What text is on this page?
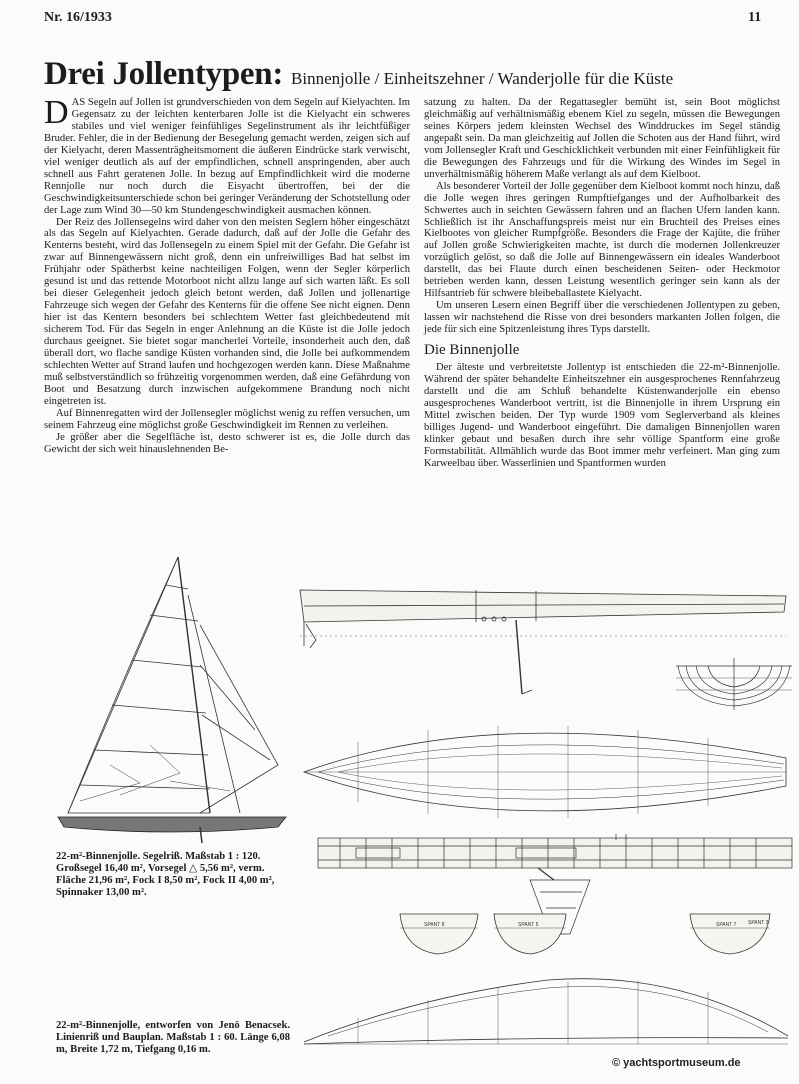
Nr. 16/1933	11
Drei Jollentypen: Binnenjolle / Einheitszehner / Wanderjolle für die Küste

DAS Segeln auf Jollen ist grundverschieden von dem Segeln auf Kielyachten. Im Gegensatz zu der leichten kenterbaren Jolle ist die Kielyacht ein schweres stabiles und viel weniger feinfühliges Segelinstrument als ihr leichtfüßiger Bruder. Fehler, die in der Bedienung der Besegelung gemacht werden, zeigen sich auf der Kielyacht, deren Massenträgheitsmoment die äußeren Eindrücke stark verwischt, viel weniger deutlich als auf der empfindlichen, schnell anspringenden, aber auch schnell aus Fahrt geratenen Jolle. In bezug auf Empfindlichkeit wird die moderne Rennjolle nur noch durch die Eisyacht übertroffen, bei der die Geschwindigkeitsunterschiede schon bei geringer Veränderung der Schotstellung oder der Lage zum Wind 30—50 km Stundengeschwindigkeit ausmachen können.

Der Reiz des Jollensegelns wird daher von den meisten Seglern höher eingeschätzt als das Segeln auf Kielyachten. Gerade dadurch, daß auf der Jolle die Gefahr des Kenterns besteht, wird das Jollensegeln zu einem Spiel mit der Gefahr. Die Gefahr ist zwar auf Binnengewässern nicht groß, denn ein unfreiwilliges Bad hat selbst im Frühjahr oder Spätherbst keine nachteiligen Folgen, wenn der Segler körperlich gesund ist und das rettende Motorboot nicht allzu lange auf sich warten läßt. Es soll bei dieser Gelegenheit jedoch gleich betont werden, daß Jollen und jollenartige Fahrzeuge sich wegen der Gefahr des Kenterns für die offene See nicht eignen. Denn hier ist das Kentern besonders bei schlechtem Wetter fast gleichbedeutend mit sicherem Tod. Für das Segeln in enger Anlehnung an die Küste ist die Jolle jedoch durchaus geeignet. Sie bietet sogar mancherlei Vorteile, insonderheit auch den, daß überall dort, wo flache sandige Küsten vorhanden sind, die Jolle bei aufkommendem schlechten Wetter auf Strand laufen und hochgezogen werden kann. Diese Maßnahme muß selbstverständlich so frühzeitig vorgenommen werden, daß eine Gefährdung von Boot und Besatzung durch inzwischen aufgekommene Brandung noch nicht eingetreten ist.

Auf Binnenregatten wird der Jollensegler möglichst wenig zu reffen versuchen, um seinem Fahrzeug eine möglichst große Geschwindigkeit im Rennen zu verleihen.

Je größer aber die Segelfläche ist, desto schwerer ist es, die Jolle durch das Gewicht der sich weit hinauslehnenden Be-

satzung zu halten. Da der Regattasegler bemüht ist, sein Boot möglichst gleichmäßig auf verhältnismäßig ebenem Kiel zu segeln, müssen die Bewegungen seines Körpers jedem kleinsten Wechsel des Winddruckes im Segel ständig angepaßt sein. Da man gleichzeitig auf Jollen die Schoten aus der Hand führt, wird vom Jollensegler Kraft und Geschicklichkeit verbunden mit einer Feinfühligkeit für die Bewegungen des Fahrzeugs und für die Wirkung des Windes im Segel in unverhältnismäßig höherem Maße verlangt als auf dem Kielboot.

Als besonderer Vorteil der Jolle gegenüber dem Kielboot kommt noch hinzu, daß die Jolle wegen ihres geringen Rumpftiefganges und der Aufholbarkeit des Schwertes auch in seichten Gewässern fahren und an flachen Ufern landen kann. Schließlich ist ihr Anschaffungspreis meist nur ein Bruchteil des Preises eines Kielbootes von gleicher Rumpfgröße. Besonders die Frage der Kajüte, die früher auf Jollen große Schwierigkeiten machte, ist durch die modernen Jollenkreuzer vorzüglich gelöst, so daß die Jolle auf Binnengewässern ein ideales Wanderboot darstellt, das bei Flaute durch einen bescheidenen Seiten- oder Heckmotor betrieben werden kann, dessen Leistung wesentlich geringer sein kann als der Hilfsantrieb für schwere bleibeballastete Kielyacht.

Um unseren Lesern einen Begriff über die verschiedenen Jollentypen zu geben, lassen wir nachstehend die Risse von drei besonders markanten Jollen folgen, die jede für sich eine Spitzenleistung ihres Typs darstellt.

Die Binnenjolle

Der älteste und verbreitetste Jollentyp ist entschieden die 22-m²-Binnenjolle. Während der später behandelte Einheitszehner ein ausgesprochenes Rennfahrzeug darstellt und die am Schluß behandelte Küstenwanderjolle ein ebenso ausgesprochenes Wanderboot vertritt, ist die Binnenjolle in ihrem Ursprung ein Mittel zwischen beiden. Der Typ wurde 1909 vom Seglerverband als kleines billiges Jugend- und Wanderboot eingeführt. Die damaligen Binnenjollen waren klinker gebaut und besaßen durch ihre sehr völlige Spantform eine große Formstabilität. Allmählich wurde das Boot immer mehr verfeinert. Man ging zum Karweelbau über. Wasserlinien und Spantformen wurden

SPANT 8	SPANT 5	SPANT 7 SPANT 3
22-m²-Binnenjolle. Segelriß. Maßstab 1 : 120. Großsegel 16,40 m², Vorsegel △ 5,56 m², verm. Fläche 21,96 m², Fock I 8,50 m², Fock II 4,00 m², Spinnaker 13,00 m².
22-m²-Binnenjolle, entworfen von Jenö Benacsek. Linienriß und Bauplan. Maßstab 1 : 60. Länge 6,08 m, Breite 1,72 m, Tiefgang 0,16 m.
© yachtsportmuseum.de
